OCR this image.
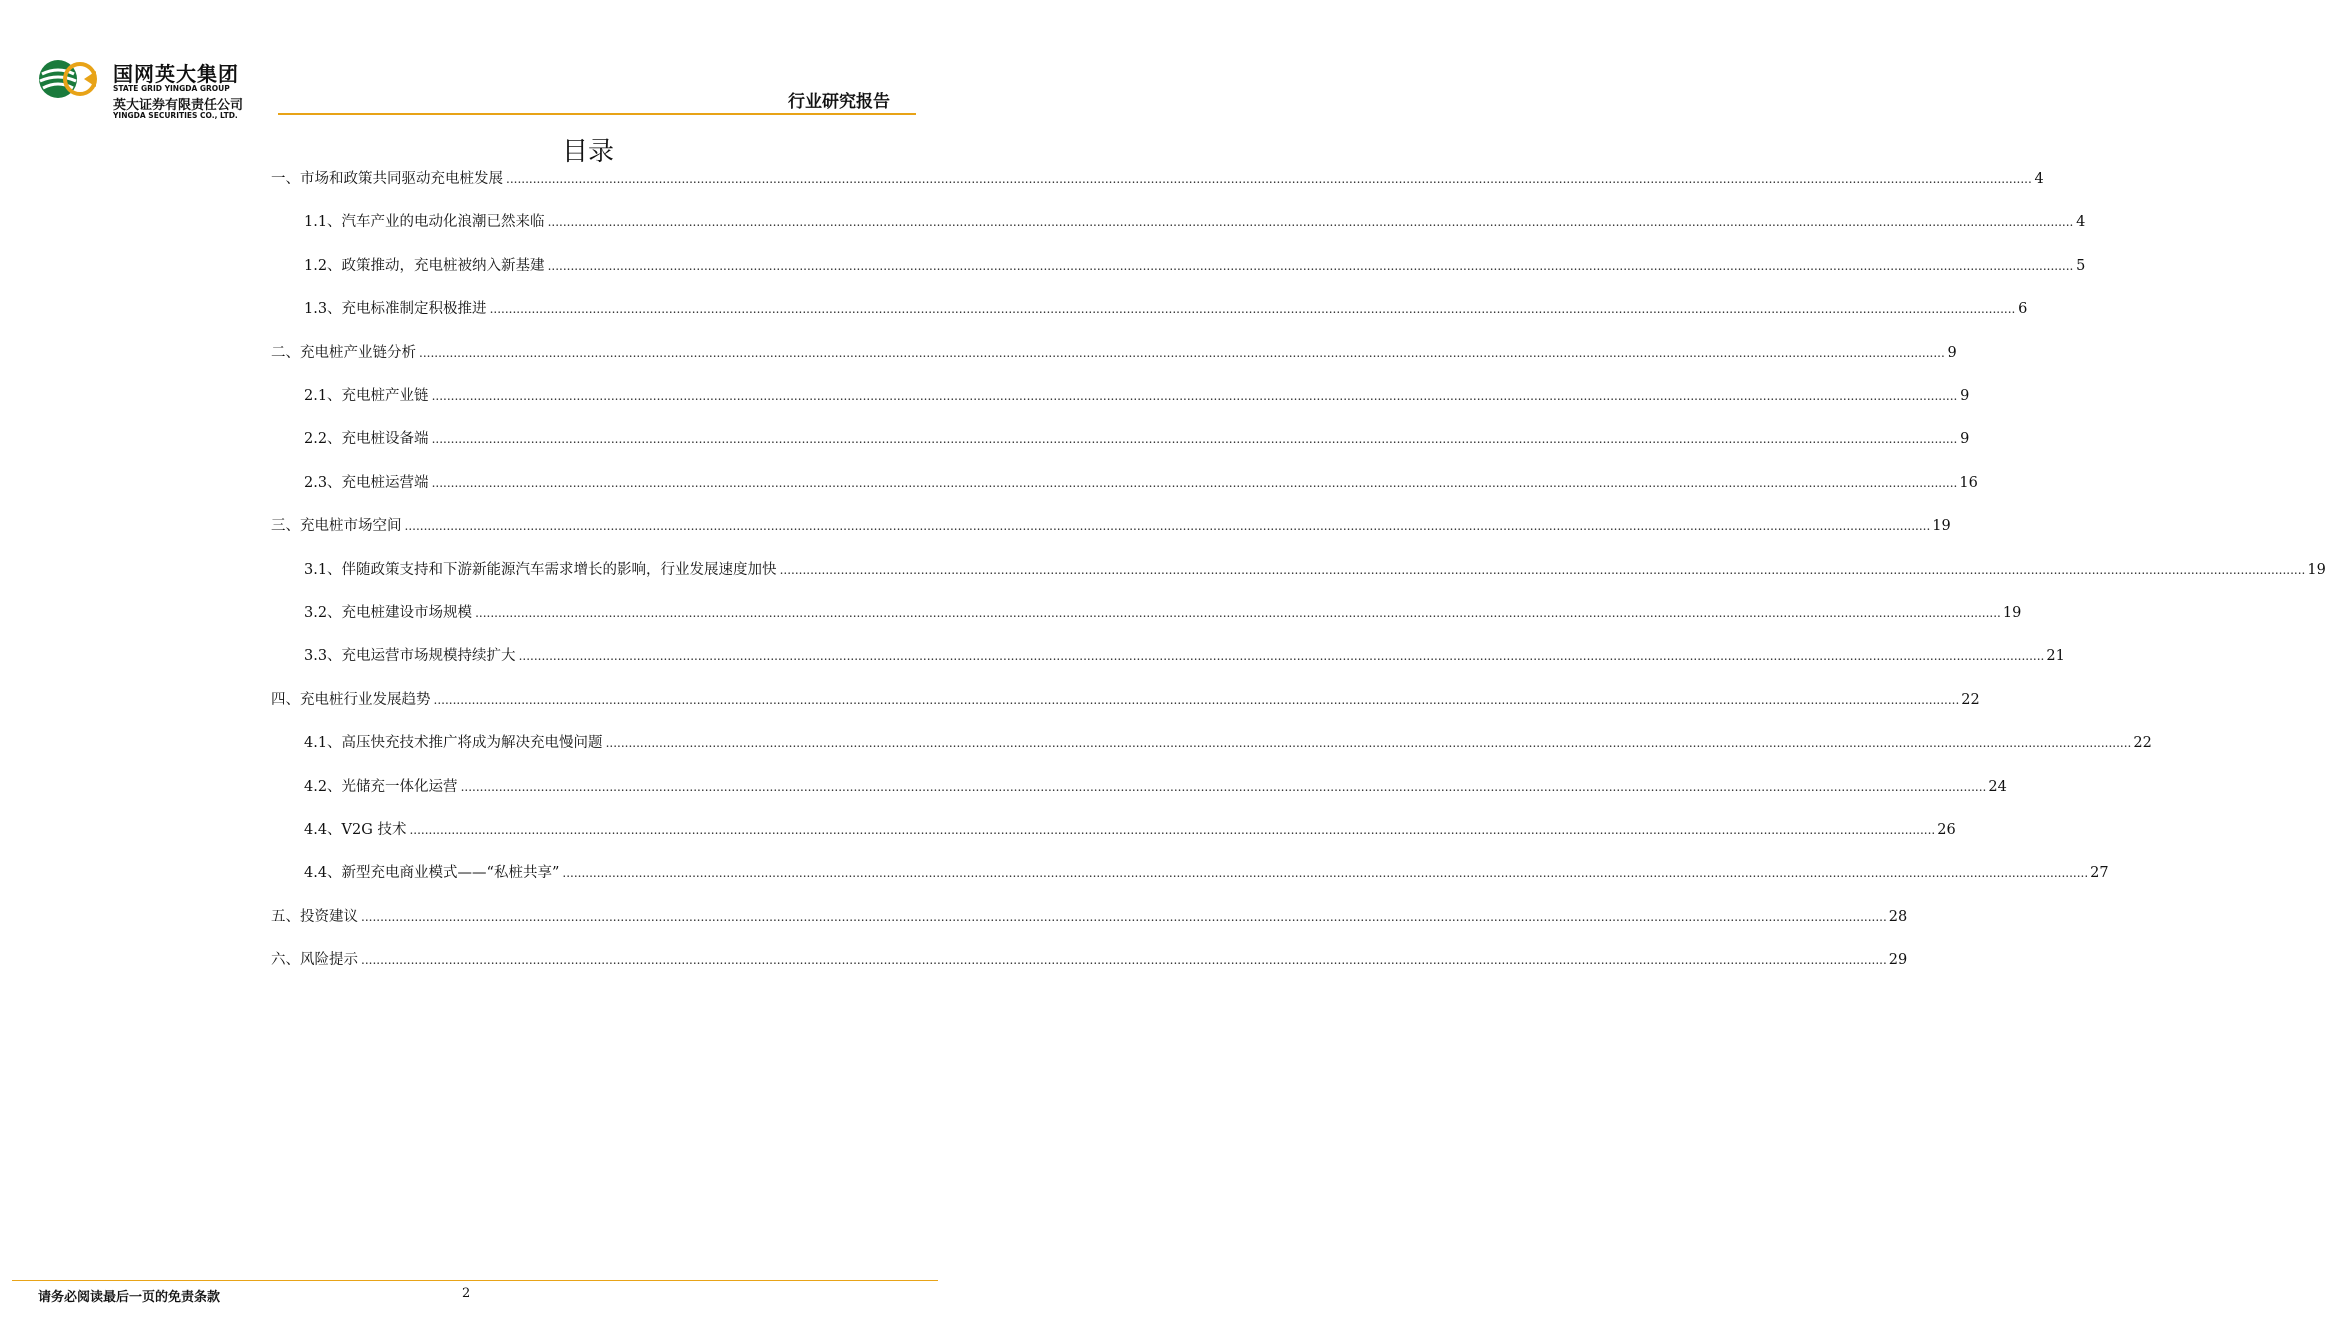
国网英大集团
STATE GRID YINGDA GROUP
英大证券有限责任公司
YINGDA SECURITIES CO., LTD.
行业研究报告
目录
一、 市场和政策共同驱动充电桩发展 ................................................................................................................................................................................................................................................................................................................................................................................................................ 4
1.1、汽车产业的电动化浪潮已然来临 ................................................................................................................................................................................................................................................................................................................................................................................................................ 4
1.2、政策推动，充电桩被纳入新基建 ................................................................................................................................................................................................................................................................................................................................................................................................................ 5
1.3、充电标准制定积极推进 ................................................................................................................................................................................................................................................................................................................................................................................................................ 6
二、 充电桩产业链分析 ................................................................................................................................................................................................................................................................................................................................................................................................................ 9
2.1、充电桩产业链 ................................................................................................................................................................................................................................................................................................................................................................................................................ 9
2.2、充电桩设备端 ................................................................................................................................................................................................................................................................................................................................................................................................................ 9
2.3、充电桩运营端 ................................................................................................................................................................................................................................................................................................................................................................................................................ 16
三、 充电桩市场空间 ................................................................................................................................................................................................................................................................................................................................................................................................................ 19
3.1、伴随政策支持和下游新能源汽车需求增长的影响，行业发展速度加快 ................................................................................................................................................................................................................................................................................................................................................................................................................ 19
3.2、充电桩建设市场规模 ................................................................................................................................................................................................................................................................................................................................................................................................................ 19
3.3、充电运营市场规模持续扩大 ................................................................................................................................................................................................................................................................................................................................................................................................................ 21
四、 充电桩行业发展趋势 ................................................................................................................................................................................................................................................................................................................................................................................................................ 22
4.1、高压快充技术推广将成为解决充电慢问题 ................................................................................................................................................................................................................................................................................................................................................................................................................ 22
4.2、光储充一体化运营 ................................................................................................................................................................................................................................................................................................................................................................................................................ 24
4.4、V2G 技术 ................................................................................................................................................................................................................................................................................................................................................................................................................ 26
4.4、新型充电商业模式——“私桩共享” ................................................................................................................................................................................................................................................................................................................................................................................................................ 27
五、 投资建议 ................................................................................................................................................................................................................................................................................................................................................................................................................ 28
六、 风险提示 ................................................................................................................................................................................................................................................................................................................................................................................................................ 29
请务必阅读最后一页的免责条款	2
